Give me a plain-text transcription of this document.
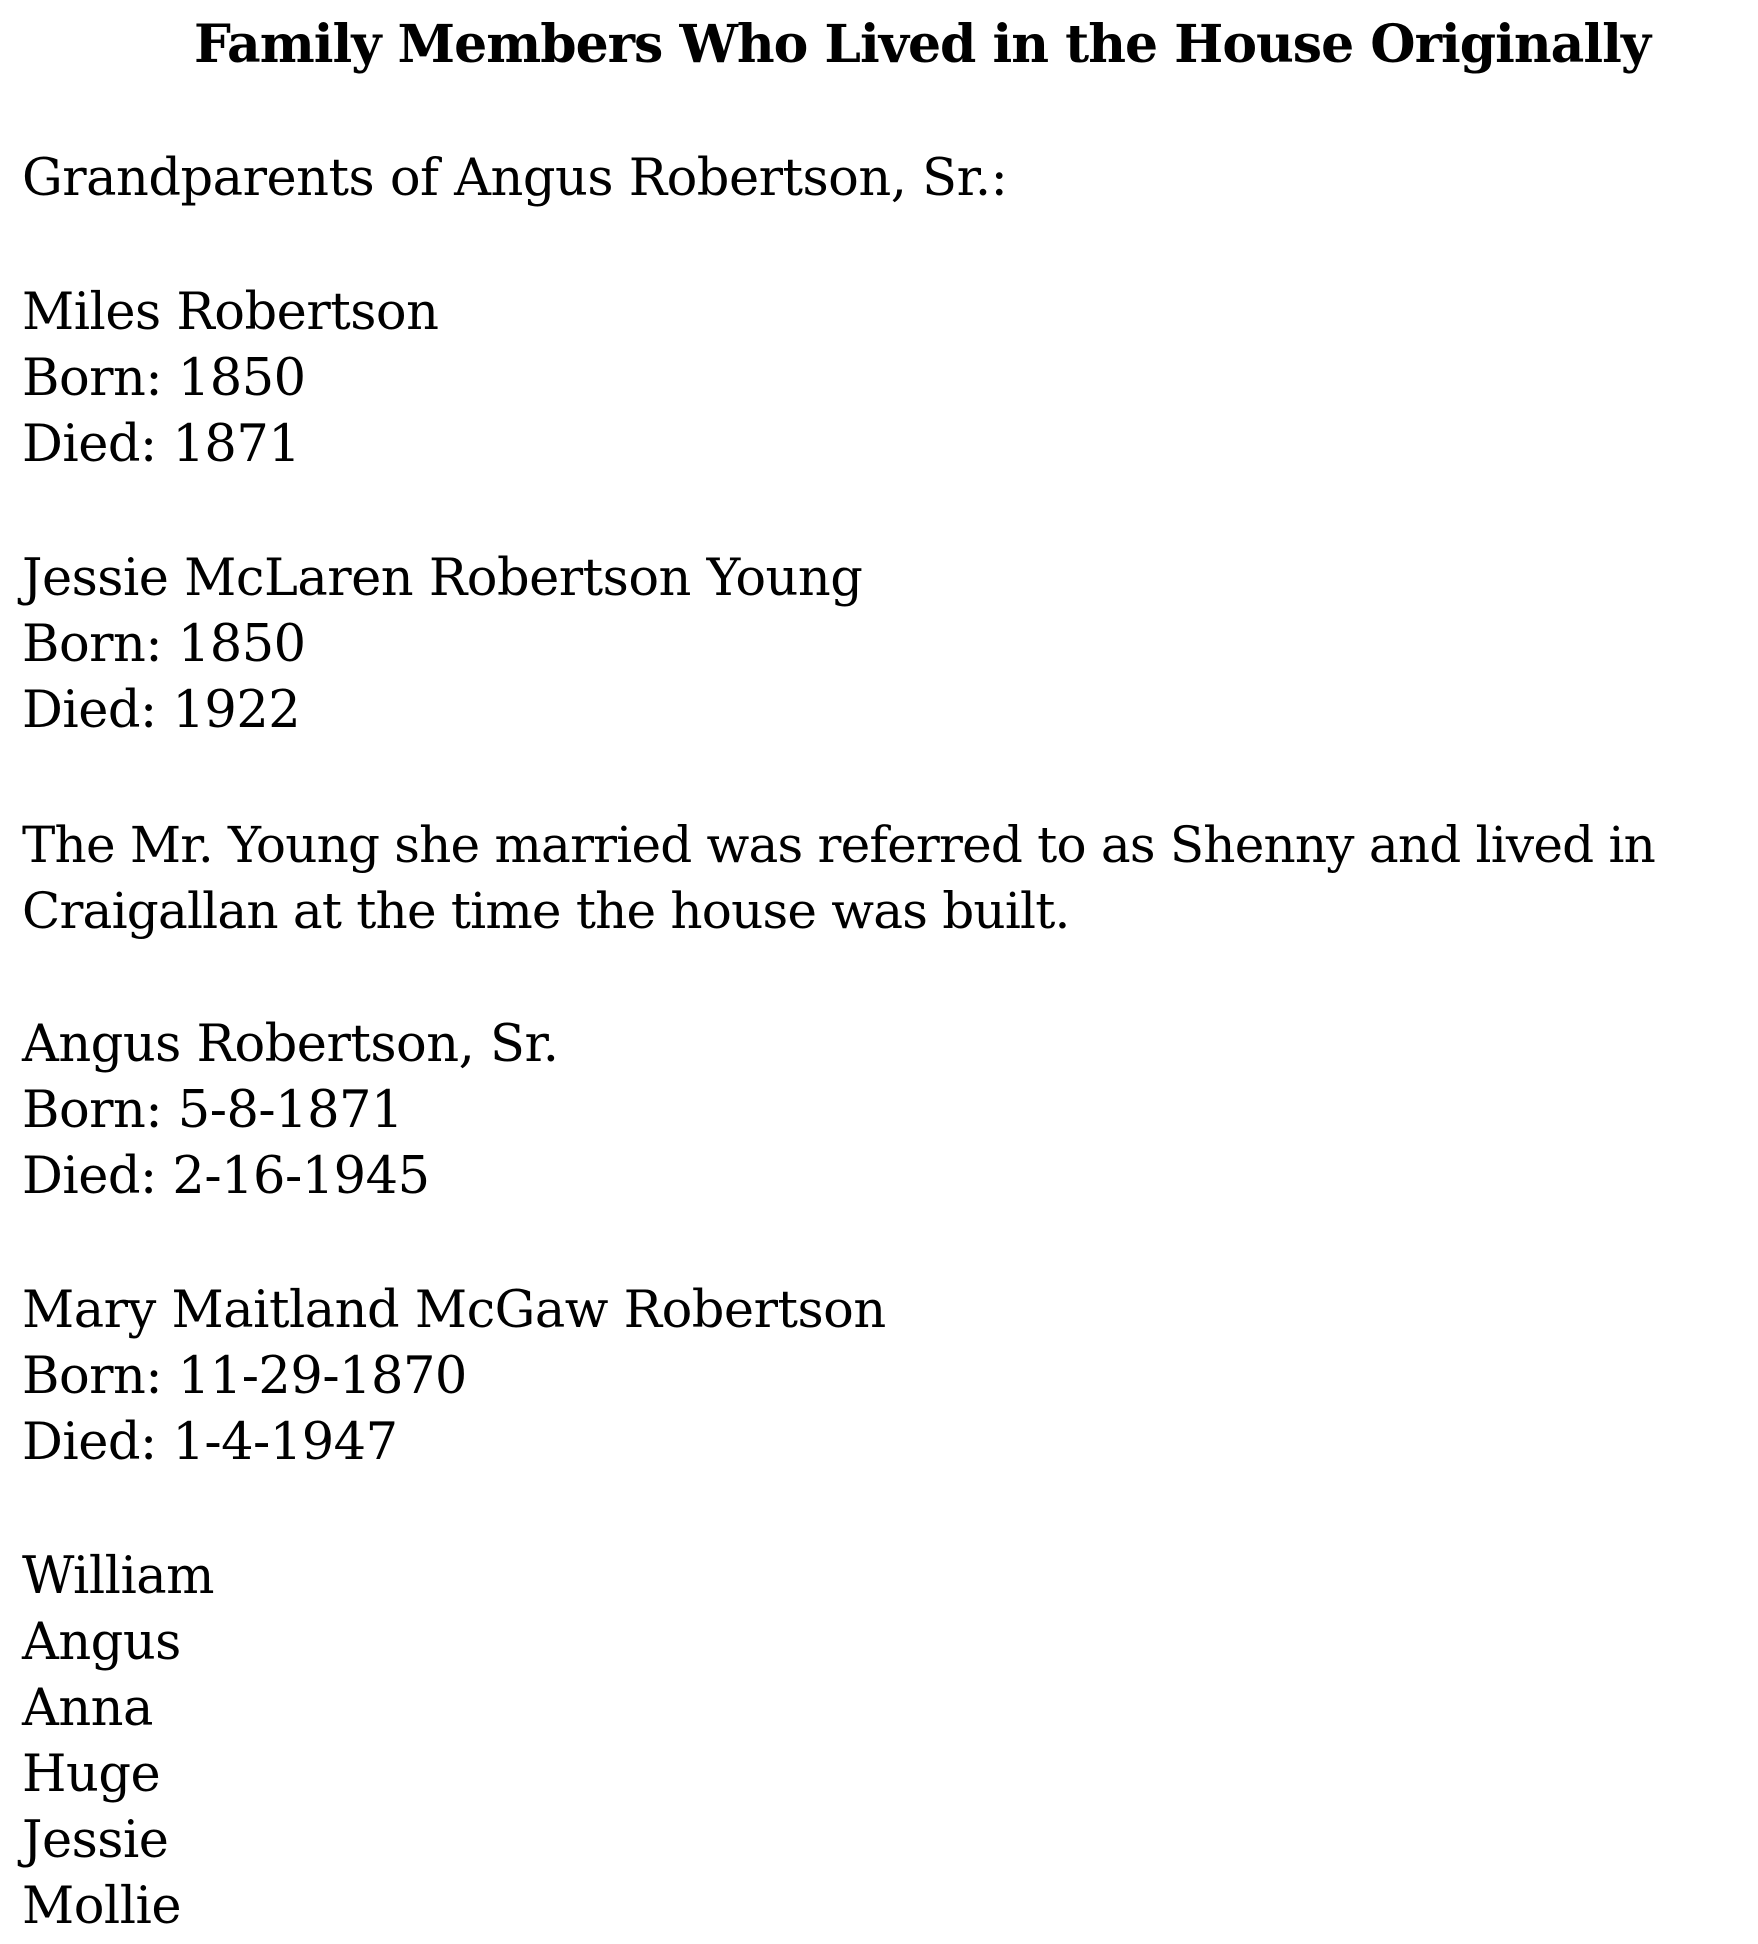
Family Members Who Lived in the House Originally
Grandparents of Angus Robertson, Sr.:
Miles Robertson
Born: 1850
Died: 1871
Jessie McLaren Robertson Young
Born: 1850
Died: 1922
The Mr. Young she married was referred to as Shenny and lived in
Craigallan at the time the house was built.
Angus Robertson, Sr.
Born: 5-8-1871
Died: 2-16-1945
Mary Maitland McGaw Robertson
Born: 11-29-1870
Died: 1-4-1947
William
Angus
Anna
Huge
Jessie
Mollie
